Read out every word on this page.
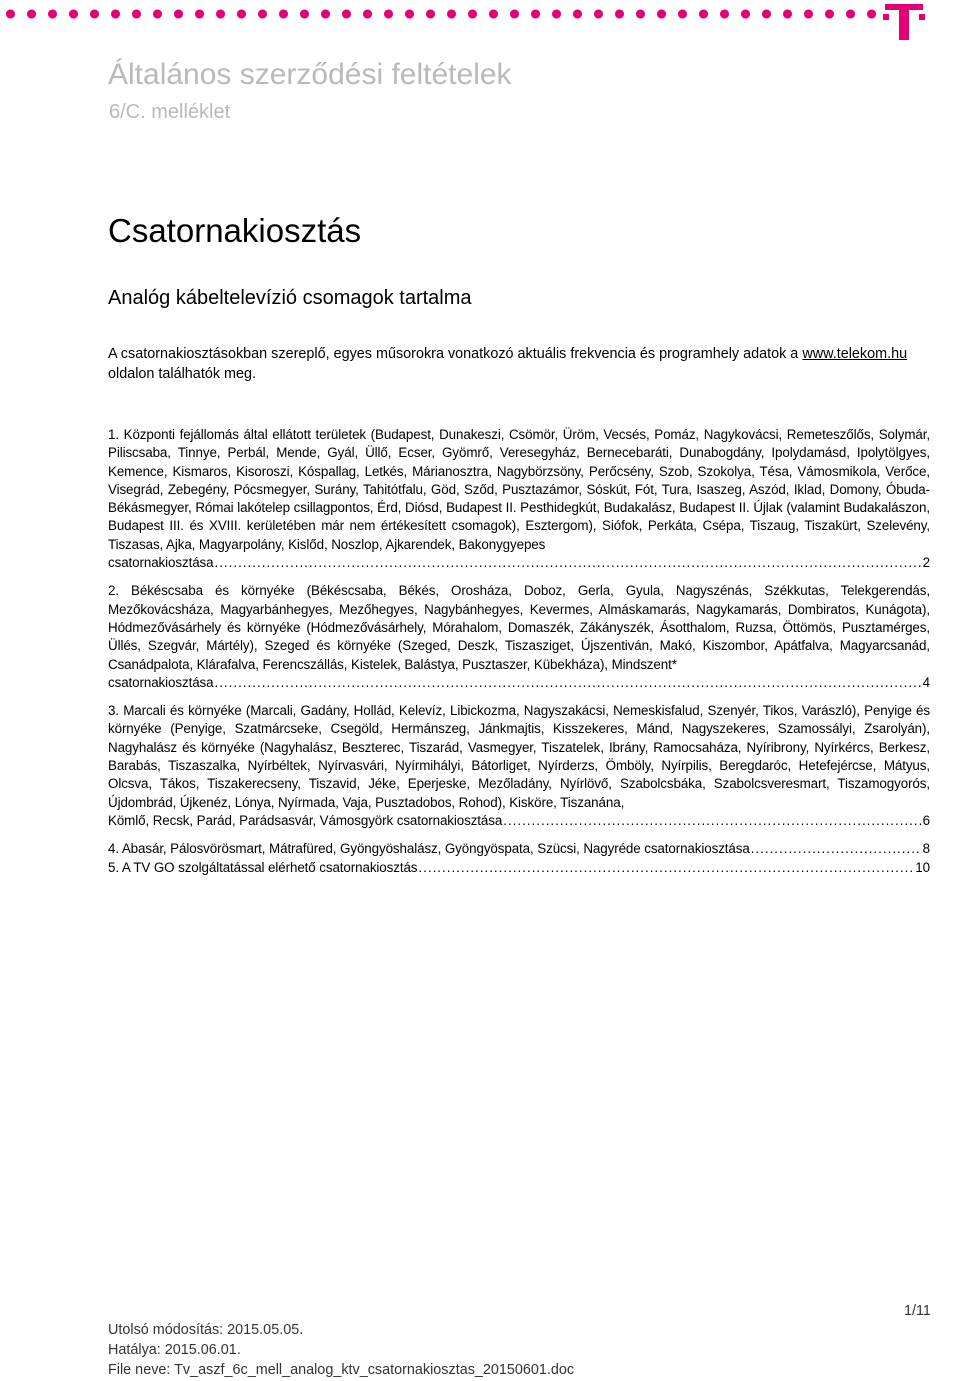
Általános szerződési feltételek
6/C. melléklet
Csatornakiosztás
Analóg kábeltelevízió csomagok tartalma

A csatornakiosztásokban szereplő, egyes műsorokra vonatkozó aktuális frekvencia és programhely adatok a www.telekom.hu oldalon találhatók meg.

1. Központi fejállomás által ellátott területek (Budapest, Dunakeszi, Csömör, Üröm, Vecsés, Pomáz, Nagykovácsi, Remeteszőlős, Solymár, Piliscsaba, Tinnye, Perbál, Mende, Gyál, Üllő, Ecser, Gyömrő, Veresegyház, Bernecebaráti, Dunabogdány, Ipolydamásd, Ipolytölgyes, Kemence, Kismaros, Kisoroszi, Kóspallag, Letkés, Márianosztra, Nagybörzsöny, Perőcsény, Szob, Szokolya, Tésa, Vámosmikola, Verőce, Visegrád, Zebegény, Pócsmegyer, Surány, Tahitótfalu, Göd, Sződ, Pusztazámor, Sóskút, Fót, Tura, Isaszeg, Aszód, Iklad, Domony, Óbuda-Békásmegyer, Római lakótelep csillagpontos, Érd, Diósd, Budapest II. Pesthidegkút, Budakalász, Budapest II. Újlak (valamint Budakalászon, Budapest III. és XVIII. kerületében már nem értékesített csomagok), Esztergom), Siófok, Perkáta, Csépa, Tiszaug, Tiszakürt, Szelevény, Tiszasas, Ajka, Magyarpolány, Kislőd, Noszlop, Ajkarendek, Bakonygyepes
csatornakiosztása .....	2
2. Békéscsaba és környéke (Békéscsaba, Békés, Orosháza, Doboz, Gerla, Gyula, Nagyszénás, Székkutas, Telekgerendás, Mezőkovácsháza, Magyarbánhegyes, Mezőhegyes, Nagybánhegyes, Kevermes, Almáskamarás, Nagykamarás, Dombiratos, Kunágota), Hódmezővásárhely és környéke (Hódmezővásárhely, Mórahalom, Domaszék, Zákányszék, Ásotthalom, Ruzsa, Öttömös, Pusztamérges, Üllés, Szegvár, Mártély), Szeged és környéke (Szeged, Deszk, Tiszasziget, Újszentiván, Makó, Kiszombor, Apátfalva, Magyarcsanád, Csanádpalota, Klárafalva, Ferencszállás, Kistelek, Balástya, Pusztaszer, Kübekháza), Mindszent*
csatornakiosztása .....	4
3. Marcali és környéke (Marcali, Gadány, Hollád, Kelevíz, Libickozma, Nagyszakácsi, Nemeskisfalud, Szenyér, Tikos, Varászló), Penyige és környéke (Penyige, Szatmárcseke, Csegöld, Hermánszeg, Jánkmajtis, Kisszekeres, Mánd, Nagyszekeres, Szamossályi, Zsarolyán), Nagyhalász és környéke (Nagyhalász, Beszterec, Tiszarád, Vasmegyer, Tiszatelek, Ibrány, Ramocsaháza, Nyíribrony, Nyírkércs, Berkesz, Barabás, Tiszaszalka, Nyírbéltek, Nyírvasvári, Nyírmihályi, Bátorliget, Nyírderzs, Ömböly, Nyírpilis, Beregdaróc, Hetefejércse, Mátyus, Olcsva, Tákos, Tiszakerecseny, Tiszavid, Jéke, Eperjeske, Mezőladány, Nyírlövő, Szabolcsbáka, Szabolcsveresmart, Tiszamogyorós, Újdombrád, Újkenéz, Lónya, Nyírmada, Vaja, Pusztadobos, Rohod), Kisköre, Tiszanána,
Kömlő, Recsk, Parád, Parádsasvár, Vámosgyörk csatornakiosztása .....	6
4. Abasár, Pálosvörösmart, Mátrafüred, Gyöngyöshalász, Gyöngyöspata, Szücsi, Nagyréde csatornakiosztása .....	8
5. A TV GO szolgáltatással elérhető csatornakiosztás .....	10
1/11
Utolsó módosítás: 2015.05.05.
Hatálya: 2015.06.01.
File neve: Tv_aszf_6c_mell_analog_ktv_csatornakiosztas_20150601.doc
